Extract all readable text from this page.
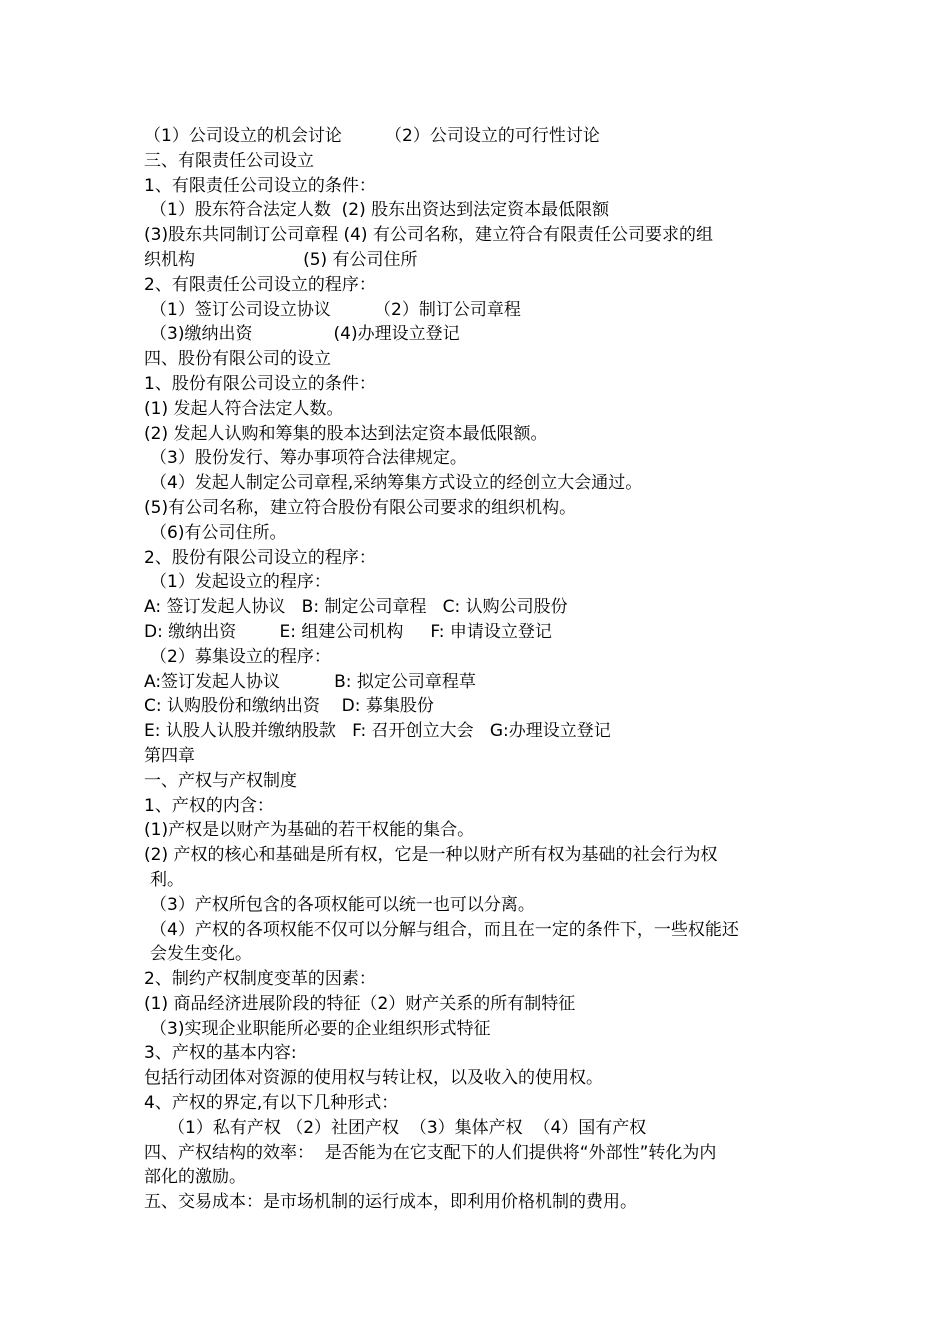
（1）公司设立的机会讨论        （2）公司设立的可行性讨论
三、有限责任公司设立
1、有限责任公司设立的条件：
（1）股东符合法定人数  (2) 股东出资达到法定资本最低限额
(3)股东共同制订公司章程 (4) 有公司名称，建立符合有限责任公司要求的组
织机构                    (5) 有公司住所
2、有限责任公司设立的程序：
（1）签订公司设立协议        （2）制订公司章程
（3)缴纳出资               (4)办理设立登记
四、股份有限公司的设立
1、股份有限公司设立的条件：
(1) 发起人符合法定人数。
(2) 发起人认购和筹集的股本达到法定资本最低限额。
（3）股份发行、筹办事项符合法律规定。
（4）发起人制定公司章程,采纳筹集方式设立的经创立大会通过。
(5)有公司名称，建立符合股份有限公司要求的组织机构。
（6)有公司住所。
2、股份有限公司设立的程序：
（1）发起设立的程序：
A: 签订发起人协议   B: 制定公司章程   C: 认购公司股份
D: 缴纳出资        E: 组建公司机构     F: 申请设立登记
（2）募集设立的程序：
A:签订发起人协议          B: 拟定公司章程草
C: 认购股份和缴纳出资    D: 募集股份
E: 认股人认股并缴纳股款   F: 召开创立大会   G:办理设立登记
第四章
一、产权与产权制度
1、产权的内含：
(1)产权是以财产为基础的若干权能的集合。
(2) 产权的核心和基础是所有权，它是一种以财产所有权为基础的社会行为权
利。
（3）产权所包含的各项权能可以统一也可以分离。
（4）产权的各项权能不仅可以分解与组合，而且在一定的条件下，一些权能还
会发生变化。
2、制约产权制度变革的因素：
(1) 商品经济进展阶段的特征（2）财产关系的所有制特征
（3)实现企业职能所必要的企业组织形式特征
3、产权的基本内容:
包括行动团体对资源的使用权与转让权，以及收入的使用权。
4、产权的界定,有以下几种形式：
（1）私有产权 （2）社团产权  （3）集体产权  （4）国有产权
四、产权结构的效率：  是否能为在它支配下的人们提供将“外部性”转化为内
部化的激励。
五、交易成本：是市场机制的运行成本，即利用价格机制的费用。
